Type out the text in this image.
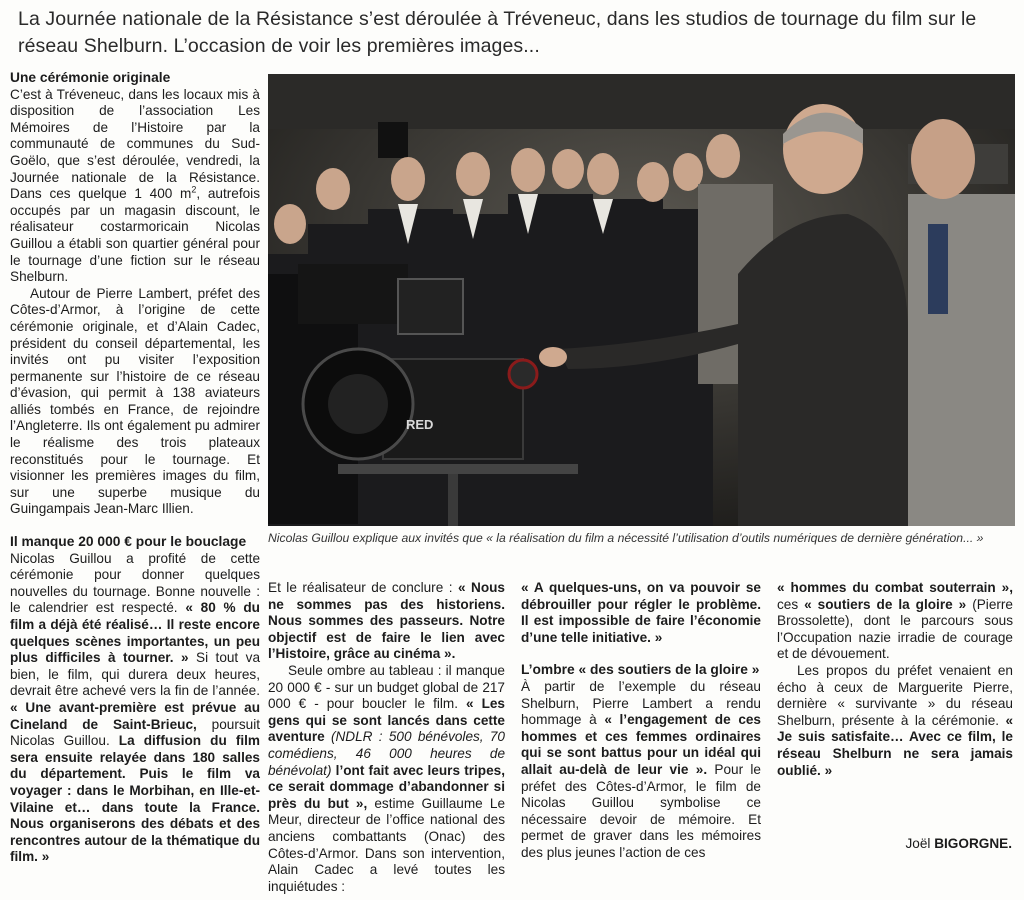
La Journée nationale de la Résistance s’est déroulée à Tréveneuc, dans les studios de tournage du film sur le réseau Shelburn. L’occasion de voir les premières images...
Une cérémonie originale

C’est à Tréveneuc, dans les locaux mis à disposition de l’association Les Mémoires de l’Histoire par la communauté de communes du Sud-Goëlo, que s’est déroulée, vendredi, la Journée nationale de la Résistance. Dans ces quelque 1 400 $m^2$, autrefois occupés par un magasin discount, le réalisateur costarmoricain Nicolas Guillou a établi son quartier général pour le tournage d’une fiction sur le réseau Shelburn.

Autour de Pierre Lambert, préfet des Côtes-d’Armor, à l’origine de cette cérémonie originale, et d’Alain Cadec, président du conseil départemental, les invités ont pu visiter l’exposition permanente sur l’histoire de ce réseau d’évasion, qui permit à 138 aviateurs alliés tombés en France, de rejoindre l’Angleterre. Ils ont également pu admirer le réalisme des trois plateaux reconstitués pour le tournage. Et visionner les premières images du film, sur une superbe musique du Guingampais Jean-Marc Illien.

Il manque 20 000 € pour le bouclage

Nicolas Guillou a profité de cette cérémonie pour donner quelques nouvelles du tournage. Bonne nouvelle : le calendrier est respecté. « 80 % du film a déjà été réalisé… Il reste encore quelques scènes importantes, un peu plus difficiles à tourner. » Si tout va bien, le film, qui durera deux heures, devrait être achevé vers la fin de l’année. « Une avant-première est prévue au Cineland de Saint-Brieuc, poursuit Nicolas Guillou. La diffusion du film sera ensuite relayée dans 180 salles du département. Puis le film va voyager : dans le Morbihan, en Ille-et-Vilaine et… dans toute la France. Nous organiserons des débats et des rencontres autour de la thématique du film. »

RED
Nicolas Guillou explique aux invités que « la réalisation du film a nécessité l’utilisation d’outils numériques de dernière génération... »

Et le réalisateur de conclure : « Nous ne sommes pas des historiens. Nous sommes des passeurs. Notre objectif est de faire le lien avec l’Histoire, grâce au cinéma ».

Seule ombre au tableau : il manque 20 000 € - sur un budget global de 217 000 € - pour boucler le film. « Les gens qui se sont lancés dans cette aventure (NDLR : 500 bénévoles, 70 comédiens, 46 000 heures de bénévolat) l’ont fait avec leurs tripes, ce serait dommage d’abandonner si près du but », estime Guillaume Le Meur, directeur de l’office national des anciens combattants (Onac) des Côtes-d’Armor. Dans son intervention, Alain Cadec a levé toutes les inquiétudes :

« A quelques-uns, on va pouvoir se débrouiller pour régler le problème. Il est impossible de faire l’économie d’une telle initiative. »

L’ombre « des soutiers de la gloire »

À partir de l’exemple du réseau Shelburn, Pierre Lambert a rendu hommage à « l’engagement de ces hommes et ces femmes ordinaires qui se sont battus pour un idéal qui allait au-delà de leur vie ». Pour le préfet des Côtes-d’Armor, le film de Nicolas Guillou symbolise ce nécessaire devoir de mémoire. Et permet de graver dans les mémoires des plus jeunes l’action de ces

« hommes du combat souterrain », ces « soutiers de la gloire » (Pierre Brossolette), dont le parcours sous l’Occupation nazie irradie de courage et de dévouement.

Les propos du préfet venaient en écho à ceux de Marguerite Pierre, dernière « survivante » du réseau Shelburn, présente à la cérémonie. « Je suis satisfaite… Avec ce film, le réseau Shelburn ne sera jamais oublié. »

Joël BIGORGNE.
